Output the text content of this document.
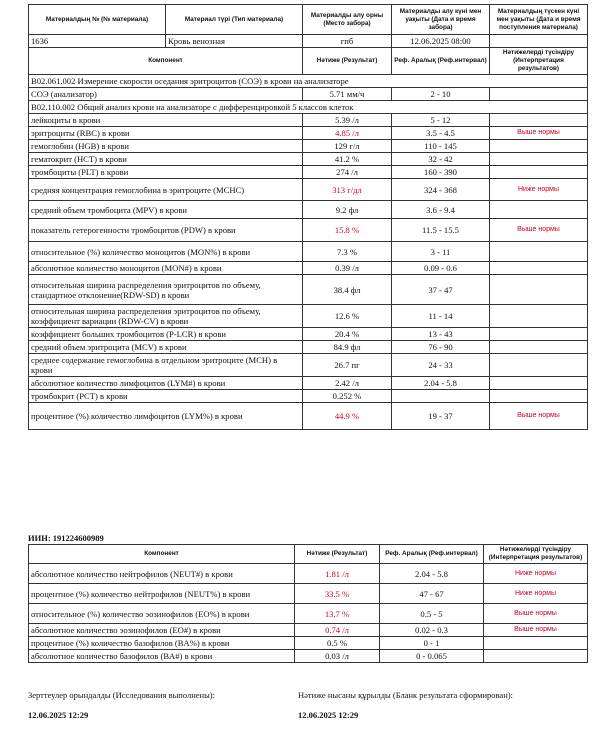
Материалдың № (№ материала)	Материал түрі (Тип материала)	Материалды алу орны (Место забора)	Материалды алу күні мен уақыты (Дата и время забора)	Материалдың түскен күні мен уақыты (Дата и время поступления материала)
1636	Кровь венозная	гпб	12.06.2025 08:00	
Компонент		Нәтиже (Результат)	Реф. Аралық (Реф.интервал)	Нәтижелерді түсіндіру (Интерпретация результатов)
B02.061.002 Измерение скорости оседания эритроцитов (СОЭ) в крови на анализаторе				
СОЭ (анализатор)		5.71 мм/ч	2 - 10	
B02.110.002 Общий анализ крови на анализаторе с дифференцировкой 5 классов клеток				
лейкоциты в крови		5.39 /л	5 - 12	
эритроциты (RBC) в крови		4.85 /л	3.5 - 4.5	Выше нормы
гемоглобин (HGB) в крови		129 г/л	110 - 145	
гематокрит (HCT) в крови		41.2 %	32 - 42	
тромбоциты (PLT) в крови		274 /л	160 - 390	
средняя концентрация гемоглобина в эритроците (MCHC)		313 г/дл	324 - 368	Ниже нормы
средний объем тромбоцита (MPV) в крови		9.2 фл	3.6 - 9.4	
показатель гетерогенности тромбоцитов (PDW) в крови		15.8 %	11.5 - 15.5	Выше нормы
относительное (%) количество моноцитов (MON%) в крови		7.3 %	3 - 11	
абсолютное количество моноцитов (MON#) в крови		0.39 /л	0.09 - 0.6	
относительная ширина распределения эритроцитов по объему, стандартное отклонение(RDW-SD) в крови		38.4 фл	37 - 47	
относительная ширина распределения эритроцитов по объему, коэффициент вариации (RDW-CV) в крови		12.6 %	11 - 14	
коэффициент больших тромбоцитов (P-LCR) в крови		20.4 %	13 - 43	
средний объем эритроцита (MCV) в крови		84.9 фл	76 - 90	
среднее содержание гемоглобина в отдельном эритроците (MCH) в крови		26.7 пг	24 - 33	
абсолютное количество лимфоцитов (LYM#) в крови		2.42 /л	2.04 - 5.8	
тромбокрит (PCT) в крови		0.252 %		
процентное (%) количество лимфоцитов (LYM%) в крови		44.9 %	19 - 37	Выше нормы
ИИН: 191224600989
Компонент	Нәтиже (Результат)	Реф. Аралық (Реф.интервал)	Нәтижелерді түсіндіру (Интерпретация результатов)
абсолютное количество нейтрофилов (NEUT#) в крови	1.81 /л	2.04 - 5.8	Ниже нормы
процентное (%) количество нейтрофилов (NEUT%) в крови	33.5 %	47 - 67	Ниже нормы
относительное (%) количество эозинофилов (EO%) в крови	13.7 %	0.5 - 5	Выше нормы
абсолютное количество эозинофилов (EO#) в крови	0.74 /л	0.02 - 0.3	Выше нормы
процентное (%) количество базофилов (BA%) в крови	0.5 %	0 - 1	
абсолютное количество базофилов (BA#) в крови	0.03 /л	0 - 0.065	
Зерттеулер орындалды (Исследования выполнены):
12.06.2025 12:29
Нәтиже нысаны құрылды (Бланк результата сформирован):
12.06.2025 12:29
